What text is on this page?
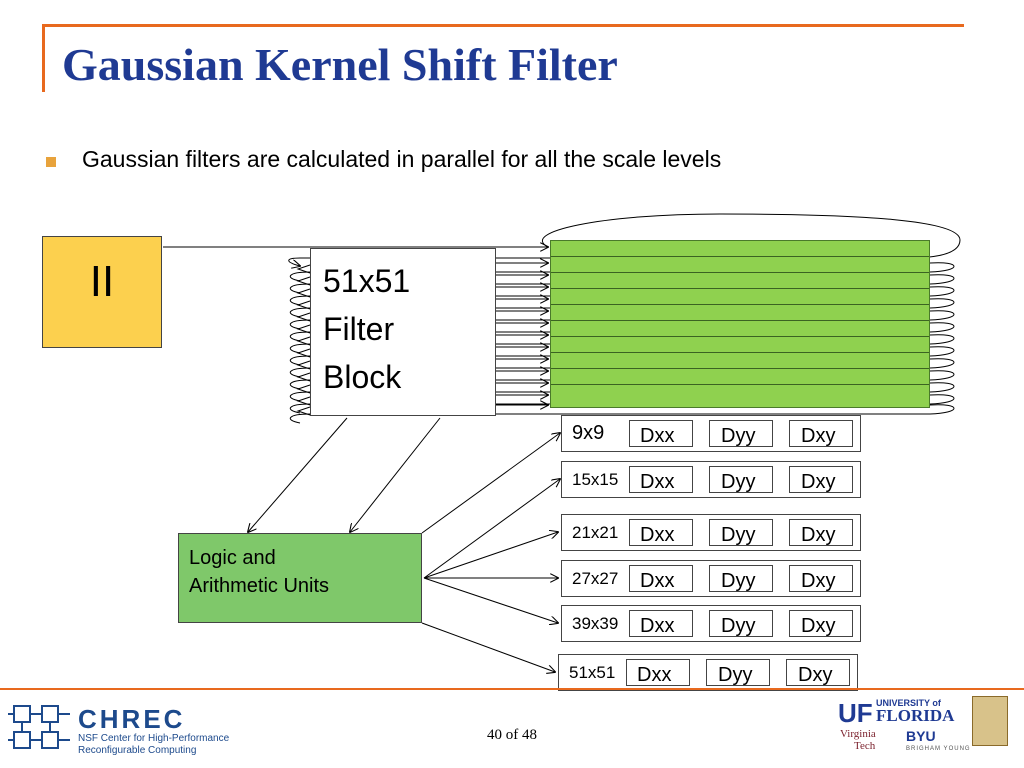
Gaussian Kernel Shift Filter
Gaussian filters are calculated in parallel for all the scale levels
II	51x51
Filter
Block
Logic and
Arithmetic Units
9x9 Dxx Dyy Dxy
15x15 Dxx Dyy Dxy
21x21 Dxx Dyy Dxy
27x27 Dxx Dyy Dxy
39x39 Dxx Dyy Dxy
51x51 Dxx Dyy Dxy
CHREC
NSF Center for High-Performance
Reconfigurable Computing
40 of 48
UF UNIVERSITY of
FLORIDA
Virginia
Tech
BYU
BRIGHAM YOUNG
